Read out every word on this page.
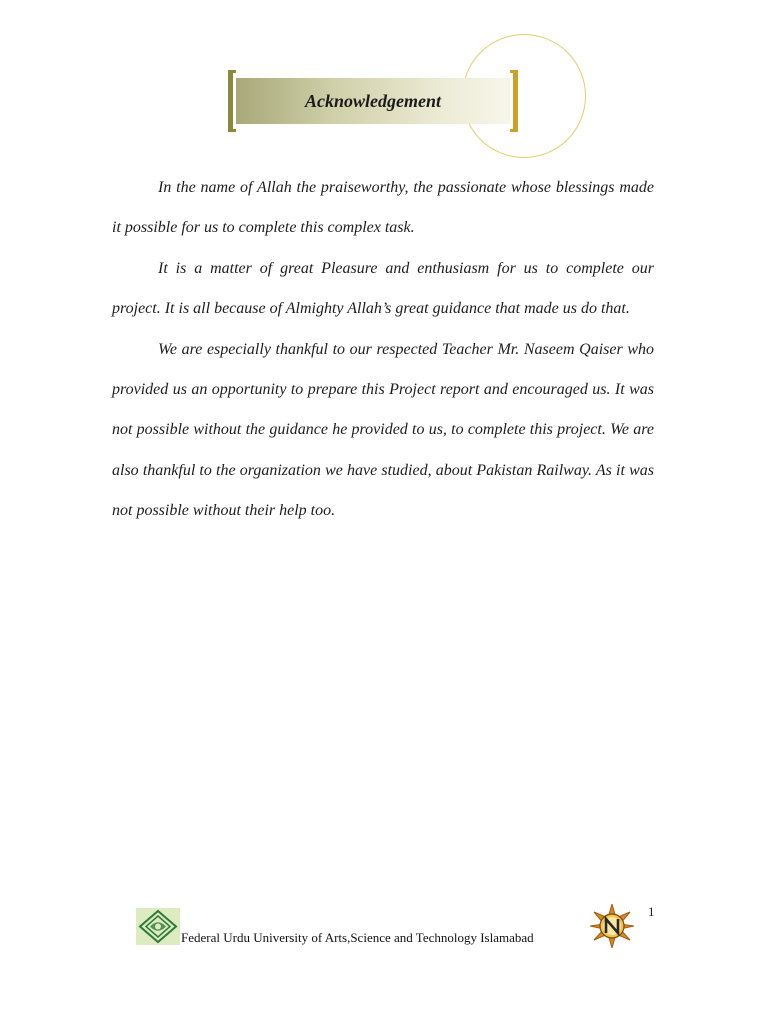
Acknowledgement

In the name of Allah the praiseworthy, the passionate whose blessings made it possible for us to complete this complex task.

It is a matter of great Pleasure and enthusiasm for us to complete our project. It is all because of Almighty Allah’s great guidance that made us do that.

We are especially thankful to our respected Teacher Mr. Naseem Qaiser who provided us an opportunity to prepare this Project report and encouraged us. It was not possible without the guidance he provided to us, to complete this project. We are also thankful to the organization we have studied, about Pakistan Railway. As it was not possible without their help too.

1
Federal Urdu University of Arts,Science and Technology Islamabad
